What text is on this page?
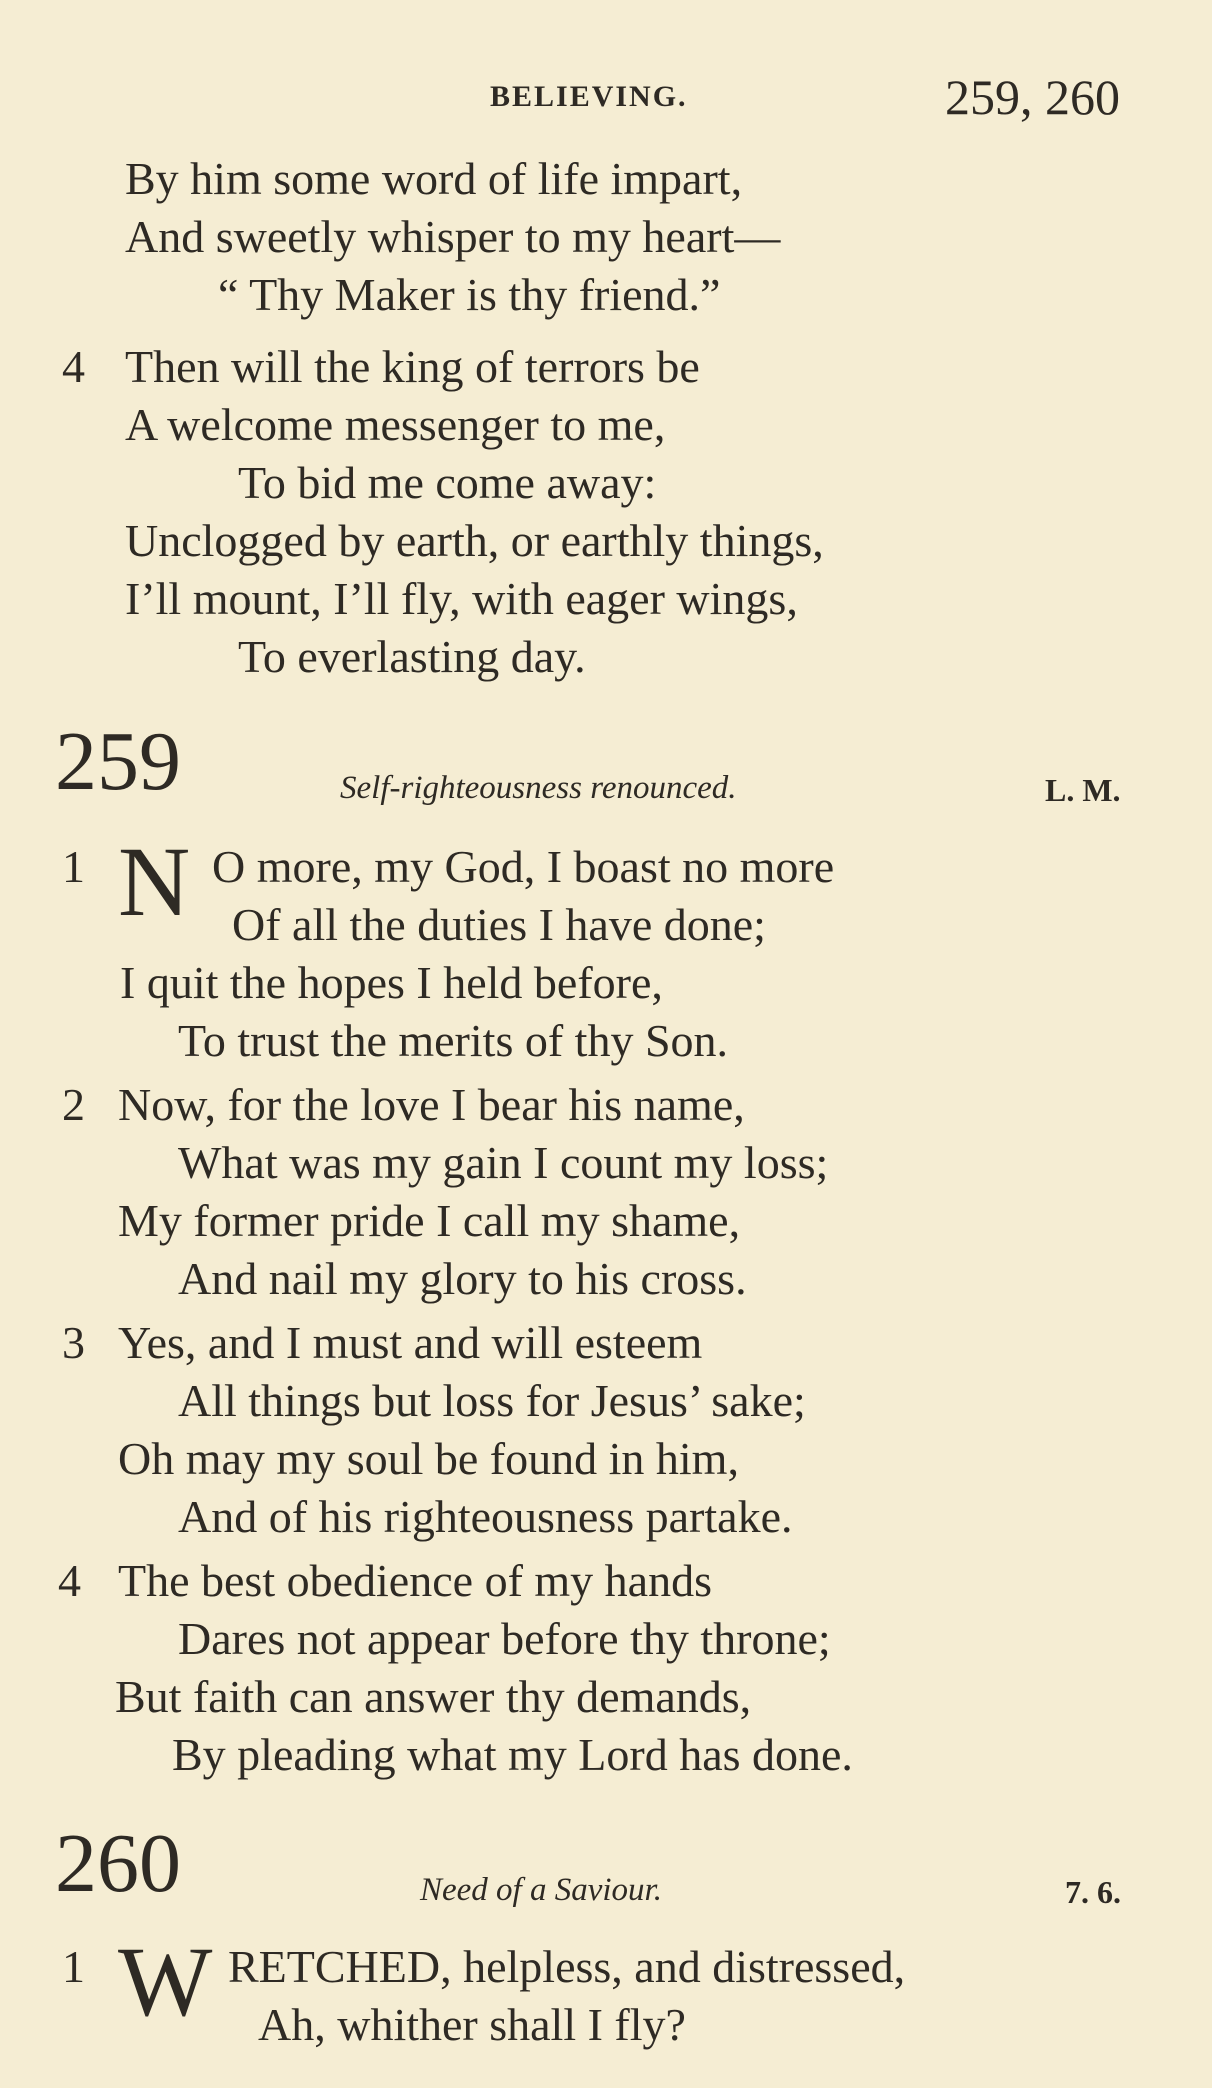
BELIEVING.	259, 260
By him some word of life impart,
And sweetly whisper to my heart—
“ Thy Maker is thy friend.”
4 Then will the king of terrors be
A welcome messenger to me,
To bid me come away:
Unclogged by earth, or earthly things,
I’ll mount, I’ll fly, with eager wings,
To everlasting day.
259	Self-righteousness renounced.	L. M.
1 N O more, my God, I boast no more
Of all the duties I have done;
I quit the hopes I held before,
To trust the merits of thy Son.
2 Now, for the love I bear his name,
What was my gain I count my loss;
My former pride I call my shame,
And nail my glory to his cross.
3 Yes, and I must and will esteem
All things but loss for Jesus’ sake;
Oh may my soul be found in him,
And of his righteousness partake.
4 The best obedience of my hands
Dares not appear before thy throne;
But faith can answer thy demands,
By pleading what my Lord has done.
260	Need of a Saviour.	7. 6.
1 W RETCHED, helpless, and distressed,
Ah, whither shall I fly?
